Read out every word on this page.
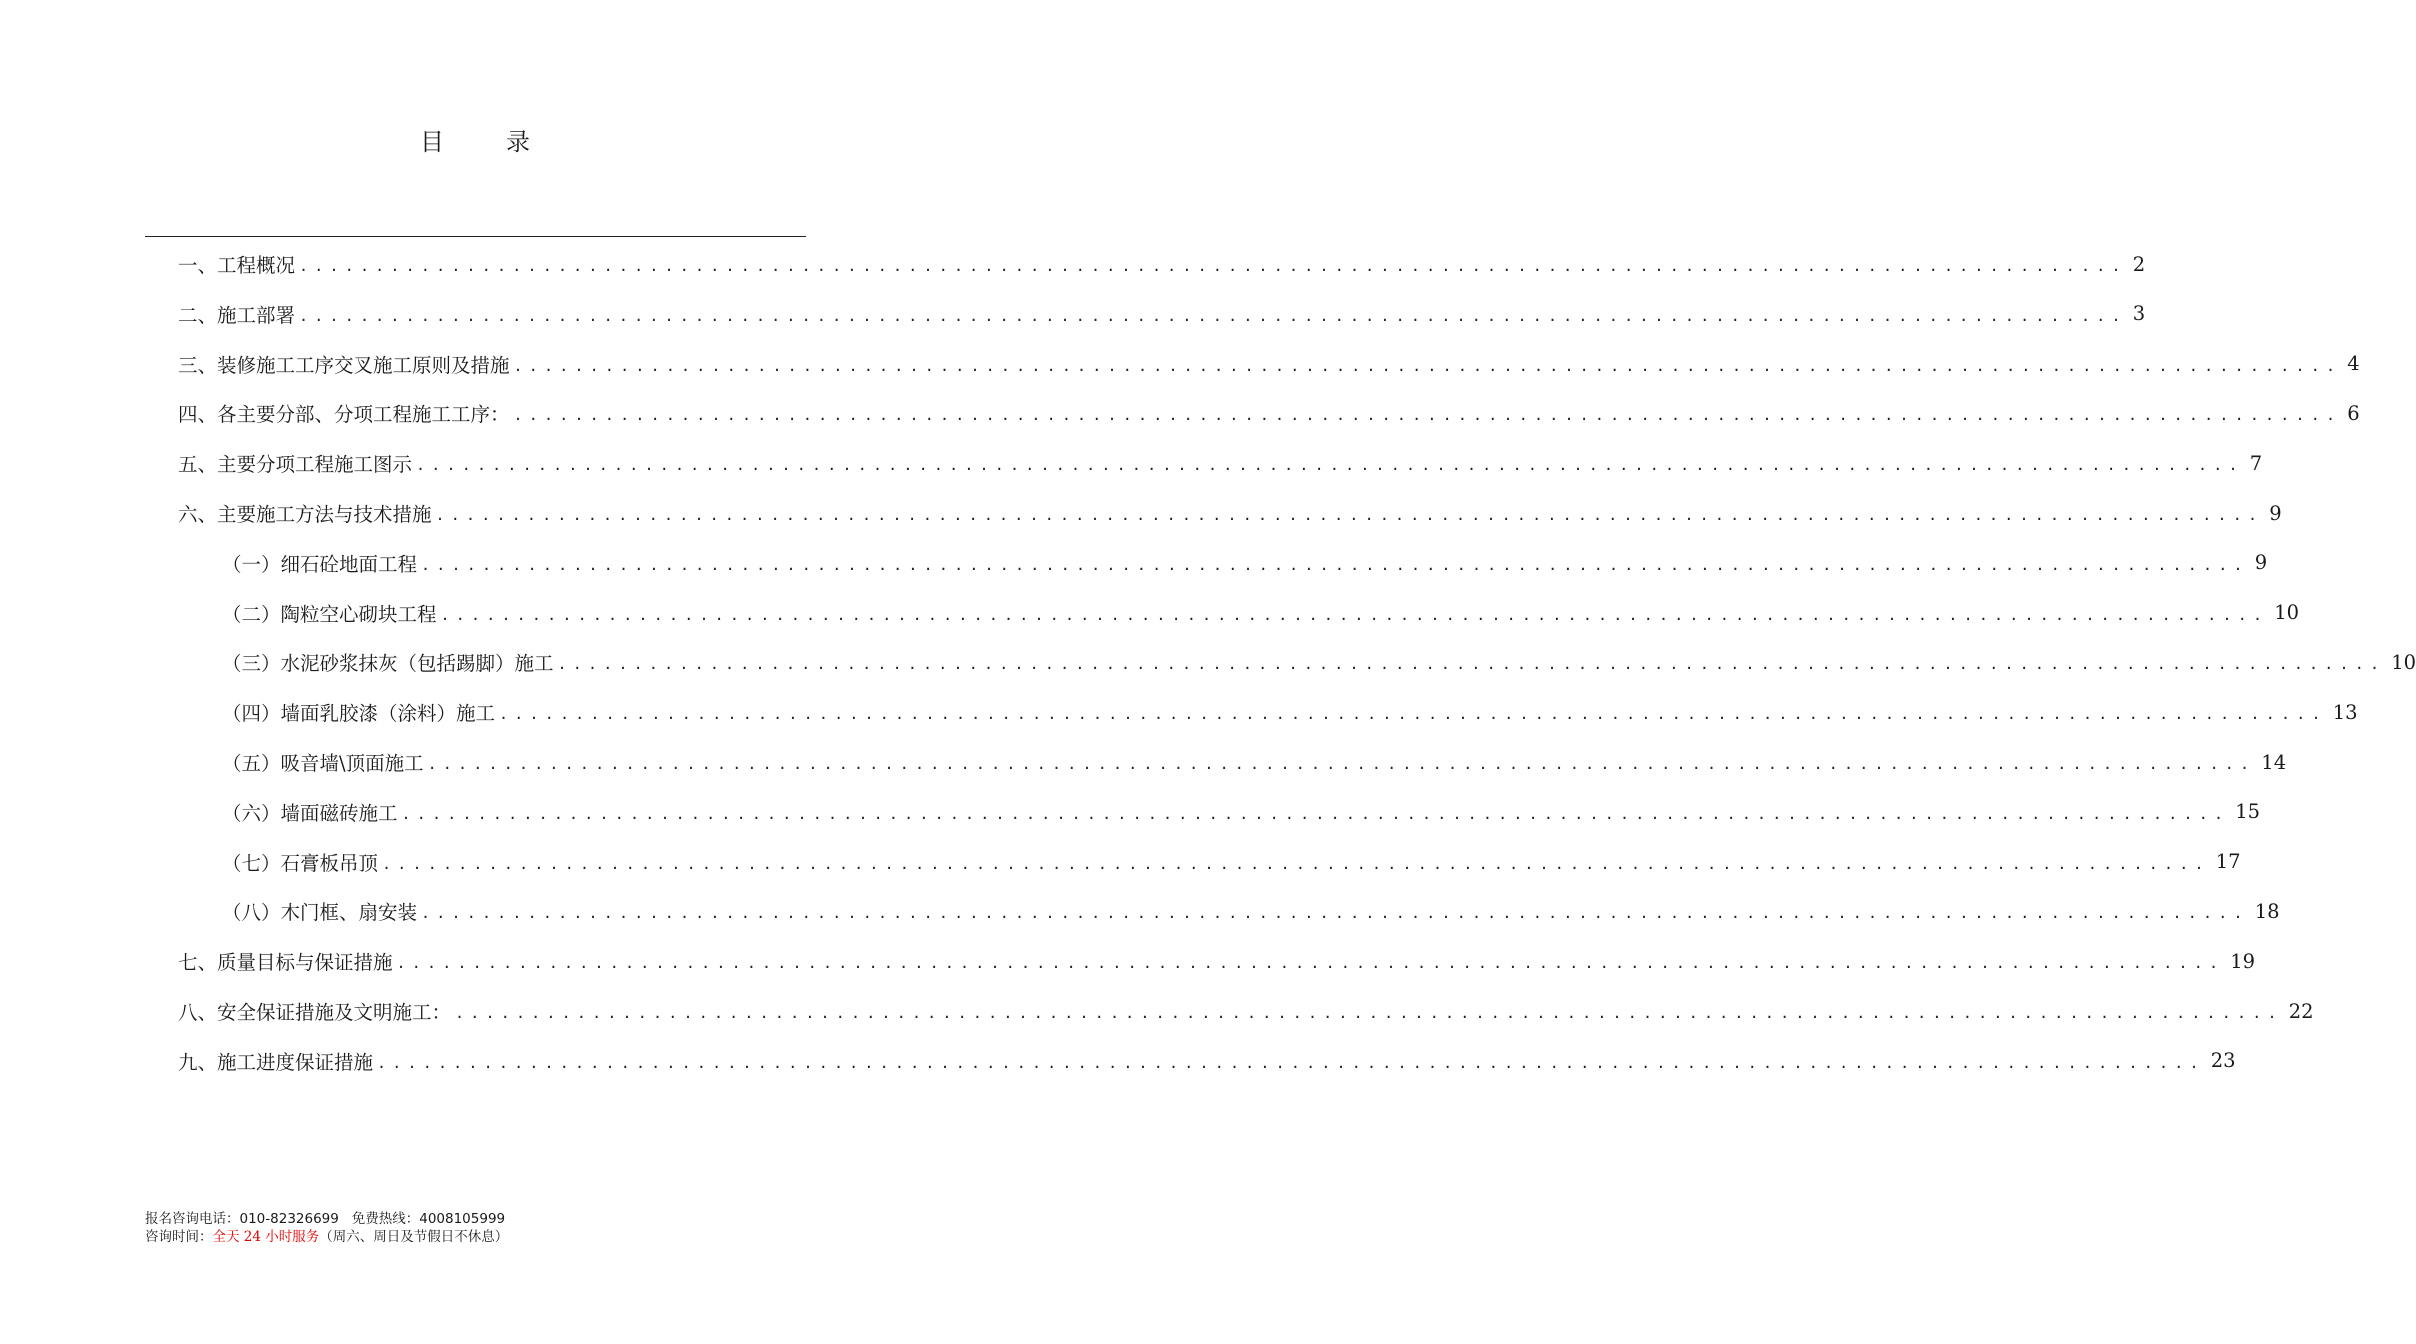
目	录
一、工程概况 ........................................................................................................................ 2
二、施工部署 ........................................................................................................................ 3
三、装修施工工序交叉施工原则及措施 ........................................................................................................................ 4
四、各主要分部、分项工程施工工序： ........................................................................................................................ 6
五、主要分项工程施工图示 ........................................................................................................................ 7
六、主要施工方法与技术措施 ........................................................................................................................ 9
（一）细石砼地面工程 ........................................................................................................................ 9
（二）陶粒空心砌块工程 ........................................................................................................................ 10
（三）水泥砂浆抹灰（包括踢脚）施工 ........................................................................................................................ 10
（四）墙面乳胶漆（涂料）施工 ........................................................................................................................ 13
（五）吸音墙\顶面施工 ........................................................................................................................ 14
（六）墙面磁砖施工 ........................................................................................................................ 15
（七）石膏板吊顶 ........................................................................................................................ 17
（八）木门框、扇安装 ........................................................................................................................ 18
七、质量目标与保证措施 ........................................................................................................................ 19
八、安全保证措施及文明施工： ........................................................................................................................ 22
九、施工进度保证措施 ........................................................................................................................ 23
报名咨询电话：010-82326699 免费热线：4008105999
咨询时间：全天 24 小时服务（周六、周日及节假日不休息）
